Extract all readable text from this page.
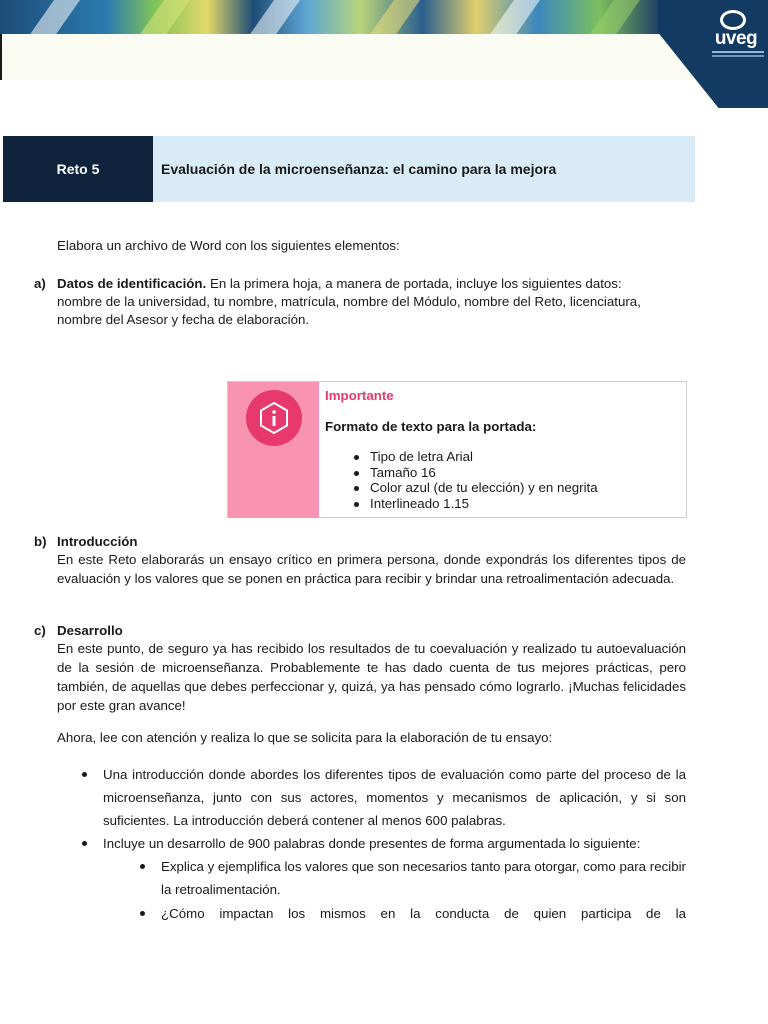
uveg
Reto 5	Evaluación de la microenseñanza: el camino para la mejora
Elabora un archivo de Word con los siguientes elementos:
a) Datos de identificación. En la primera hoja, a manera de portada, incluye los siguientes datos:
nombre de la universidad, tu nombre, matrícula, nombre del Módulo, nombre del Reto, licenciatura,
nombre del Asesor y fecha de elaboración.
Importante
Formato de texto para la portada:
Tipo de letra Arial
Tamaño 16
Color azul (de tu elección) y en negrita
Interlineado 1.15
b) Introducción
En este Reto elaborarás un ensayo crítico en primera persona, donde expondrás los diferentes tipos de evaluación y los valores que se ponen en práctica para recibir y brindar una retroalimentación adecuada.
c) Desarrollo
En este punto, de seguro ya has recibido los resultados de tu coevaluación y realizado tu autoevaluación de la sesión de microenseñanza. Probablemente te has dado cuenta de tus mejores prácticas, pero también, de aquellas que debes perfeccionar y, quizá, ya has pensado cómo lograrlo. ¡Muchas felicidades por este gran avance!
Ahora, lee con atención y realiza lo que se solicita para la elaboración de tu ensayo:
Una introducción donde abordes los diferentes tipos de evaluación como parte del proceso de la microenseñanza, junto con sus actores, momentos y mecanismos de aplicación, y si son suficientes. La introducción deberá contener al menos 600 palabras.
Incluye un desarrollo de 900 palabras donde presentes de forma argumentada lo siguiente:
Explica y ejemplifica los valores que son necesarios tanto para otorgar, como para recibir la retroalimentación.
¿Cómo impactan los mismos en la conducta de quien participa de la
